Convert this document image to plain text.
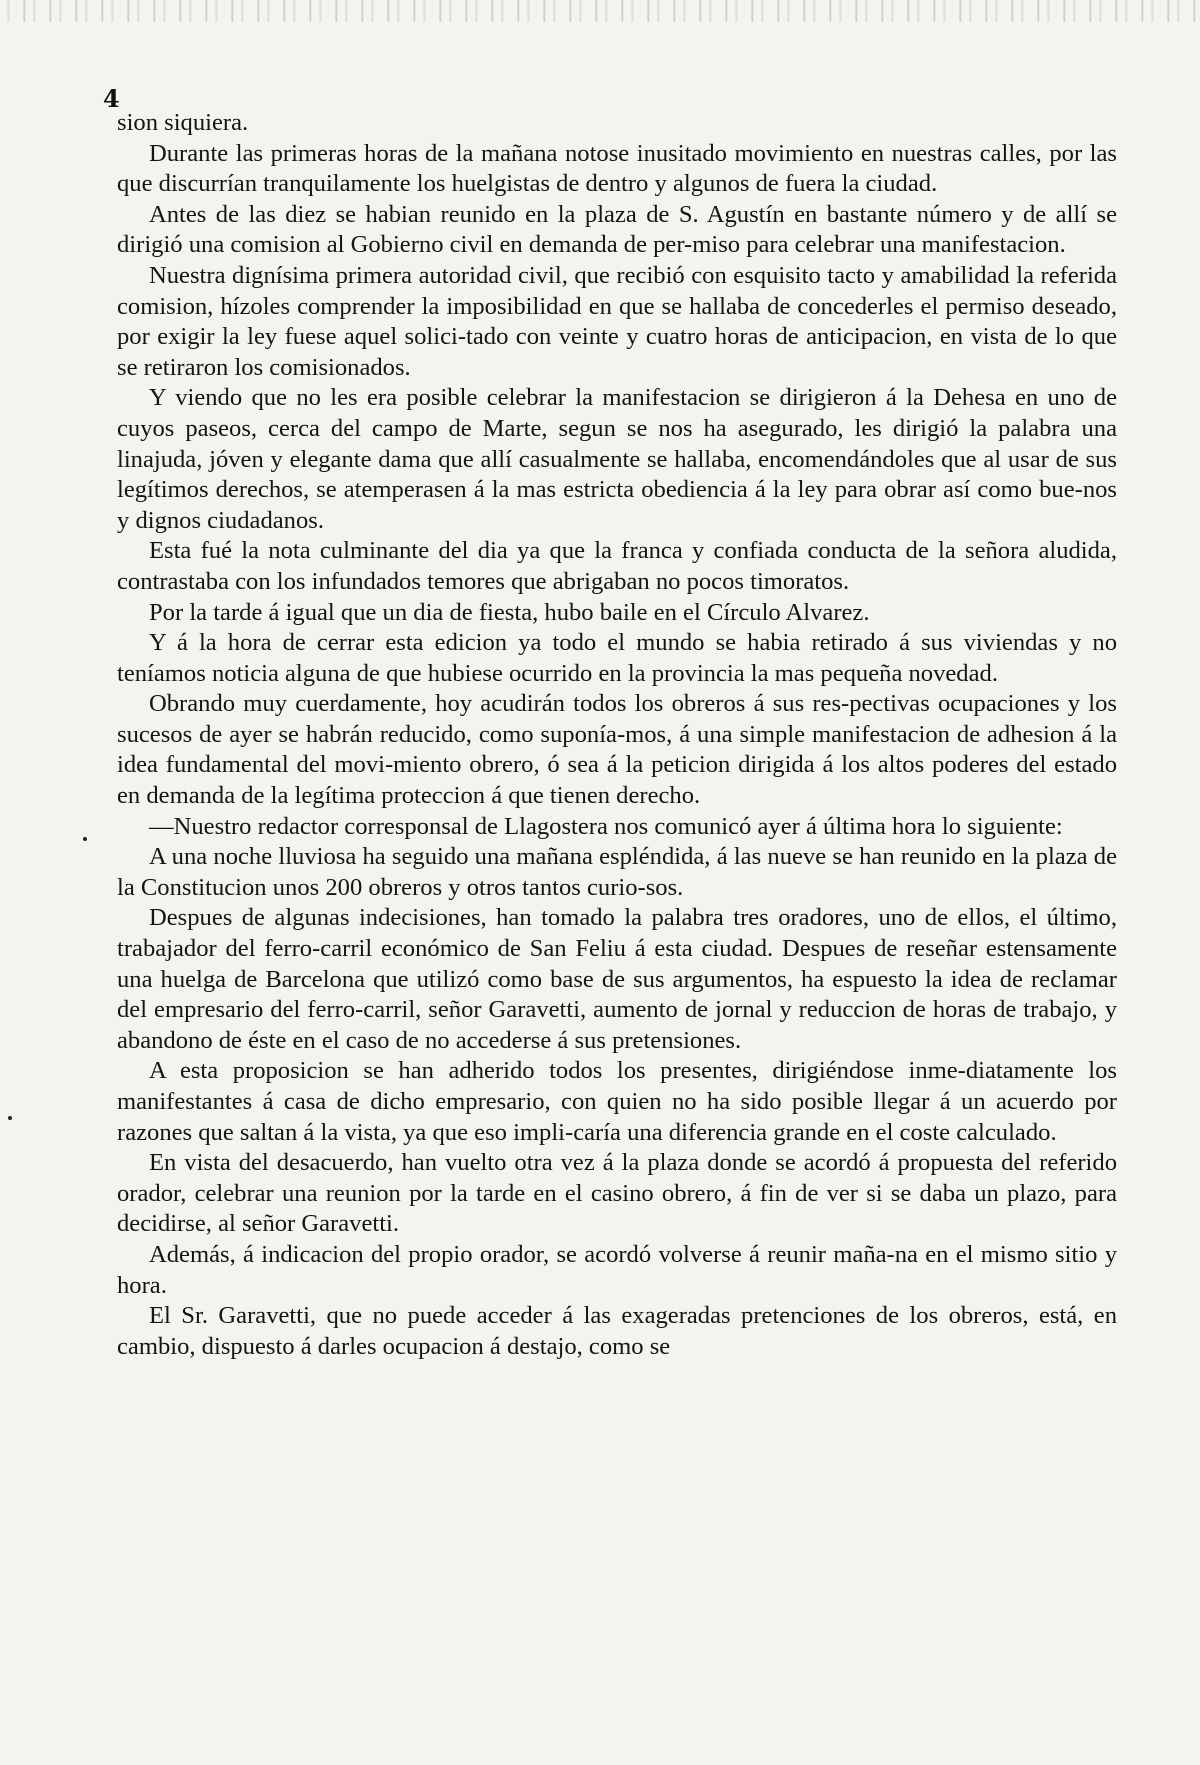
4

sion siquiera.

Durante las primeras horas de la mañana notose inusitado movimiento en nuestras calles, por las que discurrían tranquilamente los huelgistas de dentro y algunos de fuera la ciudad.

Antes de las diez se habian reunido en la plaza de S. Agustín en bastante número y de allí se dirigió una comision al Gobierno civil en demanda de per-miso para celebrar una manifestacion.

Nuestra dignísima primera autoridad civil, que recibió con esquisito tacto y amabilidad la referida comision, hízoles comprender la imposibilidad en que se hallaba de concederles el permiso deseado, por exigir la ley fuese aquel solici-tado con veinte y cuatro horas de anticipacion, en vista de lo que se retiraron los comisionados.

Y viendo que no les era posible celebrar la manifestacion se dirigieron á la Dehesa en uno de cuyos paseos, cerca del campo de Marte, segun se nos ha asegurado, les dirigió la palabra una linajuda, jóven y elegante dama que allí casualmente se hallaba, encomendándoles que al usar de sus legítimos derechos, se atemperasen á la mas estricta obediencia á la ley para obrar así como bue-nos y dignos ciudadanos.

Esta fué la nota culminante del dia ya que la franca y confiada conducta de la señora aludida, contrastaba con los infundados temores que abrigaban no pocos timoratos.

Por la tarde á igual que un dia de fiesta, hubo baile en el Círculo Alvarez.

Y á la hora de cerrar esta edicion ya todo el mundo se habia retirado á sus viviendas y no teníamos noticia alguna de que hubiese ocurrido en la provincia la mas pequeña novedad.

Obrando muy cuerdamente, hoy acudirán todos los obreros á sus res-pectivas ocupaciones y los sucesos de ayer se habrán reducido, como suponía-mos, á una simple manifestacion de adhesion á la idea fundamental del movi-miento obrero, ó sea á la peticion dirigida á los altos poderes del estado en demanda de la legítima proteccion á que tienen derecho.

—Nuestro redactor corresponsal de Llagostera nos comunicó ayer á última hora lo siguiente:

A una noche lluviosa ha seguido una mañana espléndida, á las nueve se han reunido en la plaza de la Constitucion unos 200 obreros y otros tantos curio-sos.

Despues de algunas indecisiones, han tomado la palabra tres oradores, uno de ellos, el último, trabajador del ferro-carril económico de San Feliu á esta ciudad. Despues de reseñar estensamente una huelga de Barcelona que utilizó como base de sus argumentos, ha espuesto la idea de reclamar del empresario del ferro-carril, señor Garavetti, aumento de jornal y reduccion de horas de trabajo, y abandono de éste en el caso de no accederse á sus pretensiones.

A esta proposicion se han adherido todos los presentes, dirigiéndose inme-diatamente los manifestantes á casa de dicho empresario, con quien no ha sido posible llegar á un acuerdo por razones que saltan á la vista, ya que eso impli-caría una diferencia grande en el coste calculado.

En vista del desacuerdo, han vuelto otra vez á la plaza donde se acordó á propuesta del referido orador, celebrar una reunion por la tarde en el casino obrero, á fin de ver si se daba un plazo, para decidirse, al señor Garavetti.

Además, á indicacion del propio orador, se acordó volverse á reunir maña-na en el mismo sitio y hora.

El Sr. Garavetti, que no puede acceder á las exageradas pretenciones de los obreros, está, en cambio, dispuesto á darles ocupacion á destajo, como se
